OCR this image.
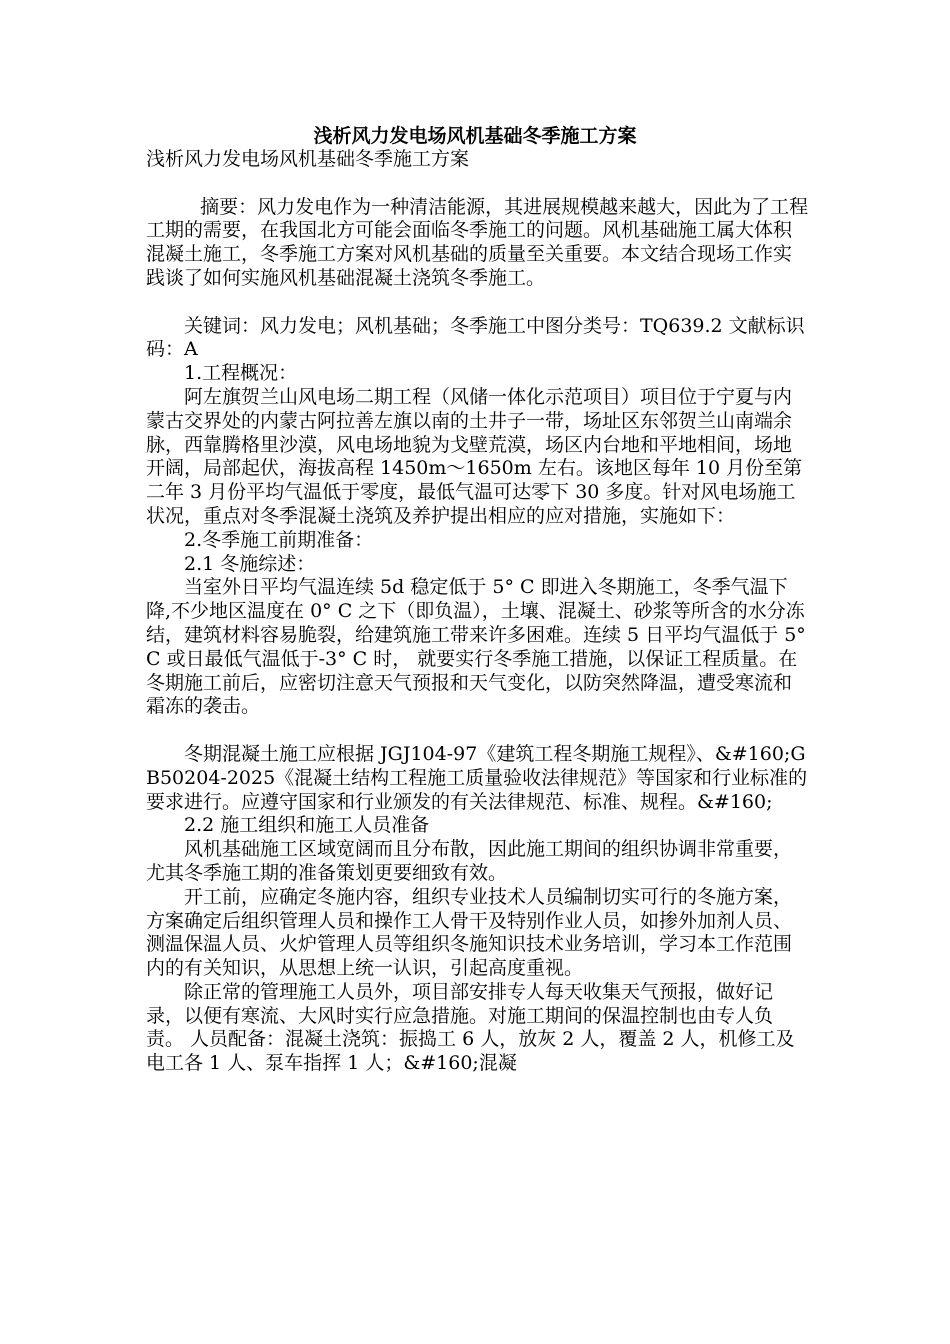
浅析风力发电场风机基础冬季施工方案

浅析风力发电场风机基础冬季施工方案

摘要：风力发电作为一种清洁能源，其进展规模越来越大，因此为了工程工期的需要，在我国北方可能会面临冬季施工的问题。风机基础施工属大体积混凝土施工，冬季施工方案对风机基础的质量至关重要。本文结合现场工作实践谈了如何实施风机基础混凝土浇筑冬季施工。

关键词：风力发电；风机基础；冬季施工中图分类号：TQ639.2 文献标识码：A

1.工程概况：

阿左旗贺兰山风电场二期工程（风储一体化示范项目）项目位于宁夏与内蒙古交界处的内蒙古阿拉善左旗以南的土井子一带，场址区东邻贺兰山南端余脉，西靠腾格里沙漠，风电场地貌为戈壁荒漠，场区内台地和平地相间，场地开阔，局部起伏，海拔高程 1450m～1650m 左右。该地区每年 10 月份至第二年 3 月份平均气温低于零度，最低气温可达零下 30 多度。针对风电场施工状况，重点对冬季混凝土浇筑及养护提出相应的应对措施，实施如下：

2.冬季施工前期准备：

2.1 冬施综述：

当室外日平均气温连续 5d 稳定低于 5° C 即进入冬期施工，冬季气温下降,不少地区温度在 0° C 之下（即负温），土壤、混凝土、砂浆等所含的水分冻结，建筑材料容易脆裂，给建筑施工带来许多困难。连续 5 日平均气温低于 5° C 或日最低气温低于-3° C 时， 就要实行冬季施工措施，以保证工程质量。在冬期施工前后，应密切注意天气预报和天气变化，以防突然降温，遭受寒流和霜冻的袭击。

冬期混凝土施工应根据 JGJ104-97《建筑工程冬期施工规程》、&#160;GB50204-2025《混凝土结构工程施工质量验收法律规范》等国家和行业标准的要求进行。应遵守国家和行业颁发的有关法律规范、标准、规程。&#160;

2.2 施工组织和施工人员准备

风机基础施工区域宽阔而且分布散，因此施工期间的组织协调非常重要，尤其冬季施工期的准备策划更要细致有效。

开工前，应确定冬施内容，组织专业技术人员编制切实可行的冬施方案，方案确定后组织管理人员和操作工人骨干及特别作业人员，如掺外加剂人员、测温保温人员、火炉管理人员等组织冬施知识技术业务培训，学习本工作范围内的有关知识，从思想上统一认识，引起高度重视。

除正常的管理施工人员外，项目部安排专人每天收集天气预报，做好记录，以便有寒流、大风时实行应急措施。对施工期间的保温控制也由专人负责。 人员配备：混凝土浇筑：振捣工 6 人，放灰 2 人，覆盖 2 人，机修工及电工各 1 人、泵车指挥 1 人；&#160;混凝
